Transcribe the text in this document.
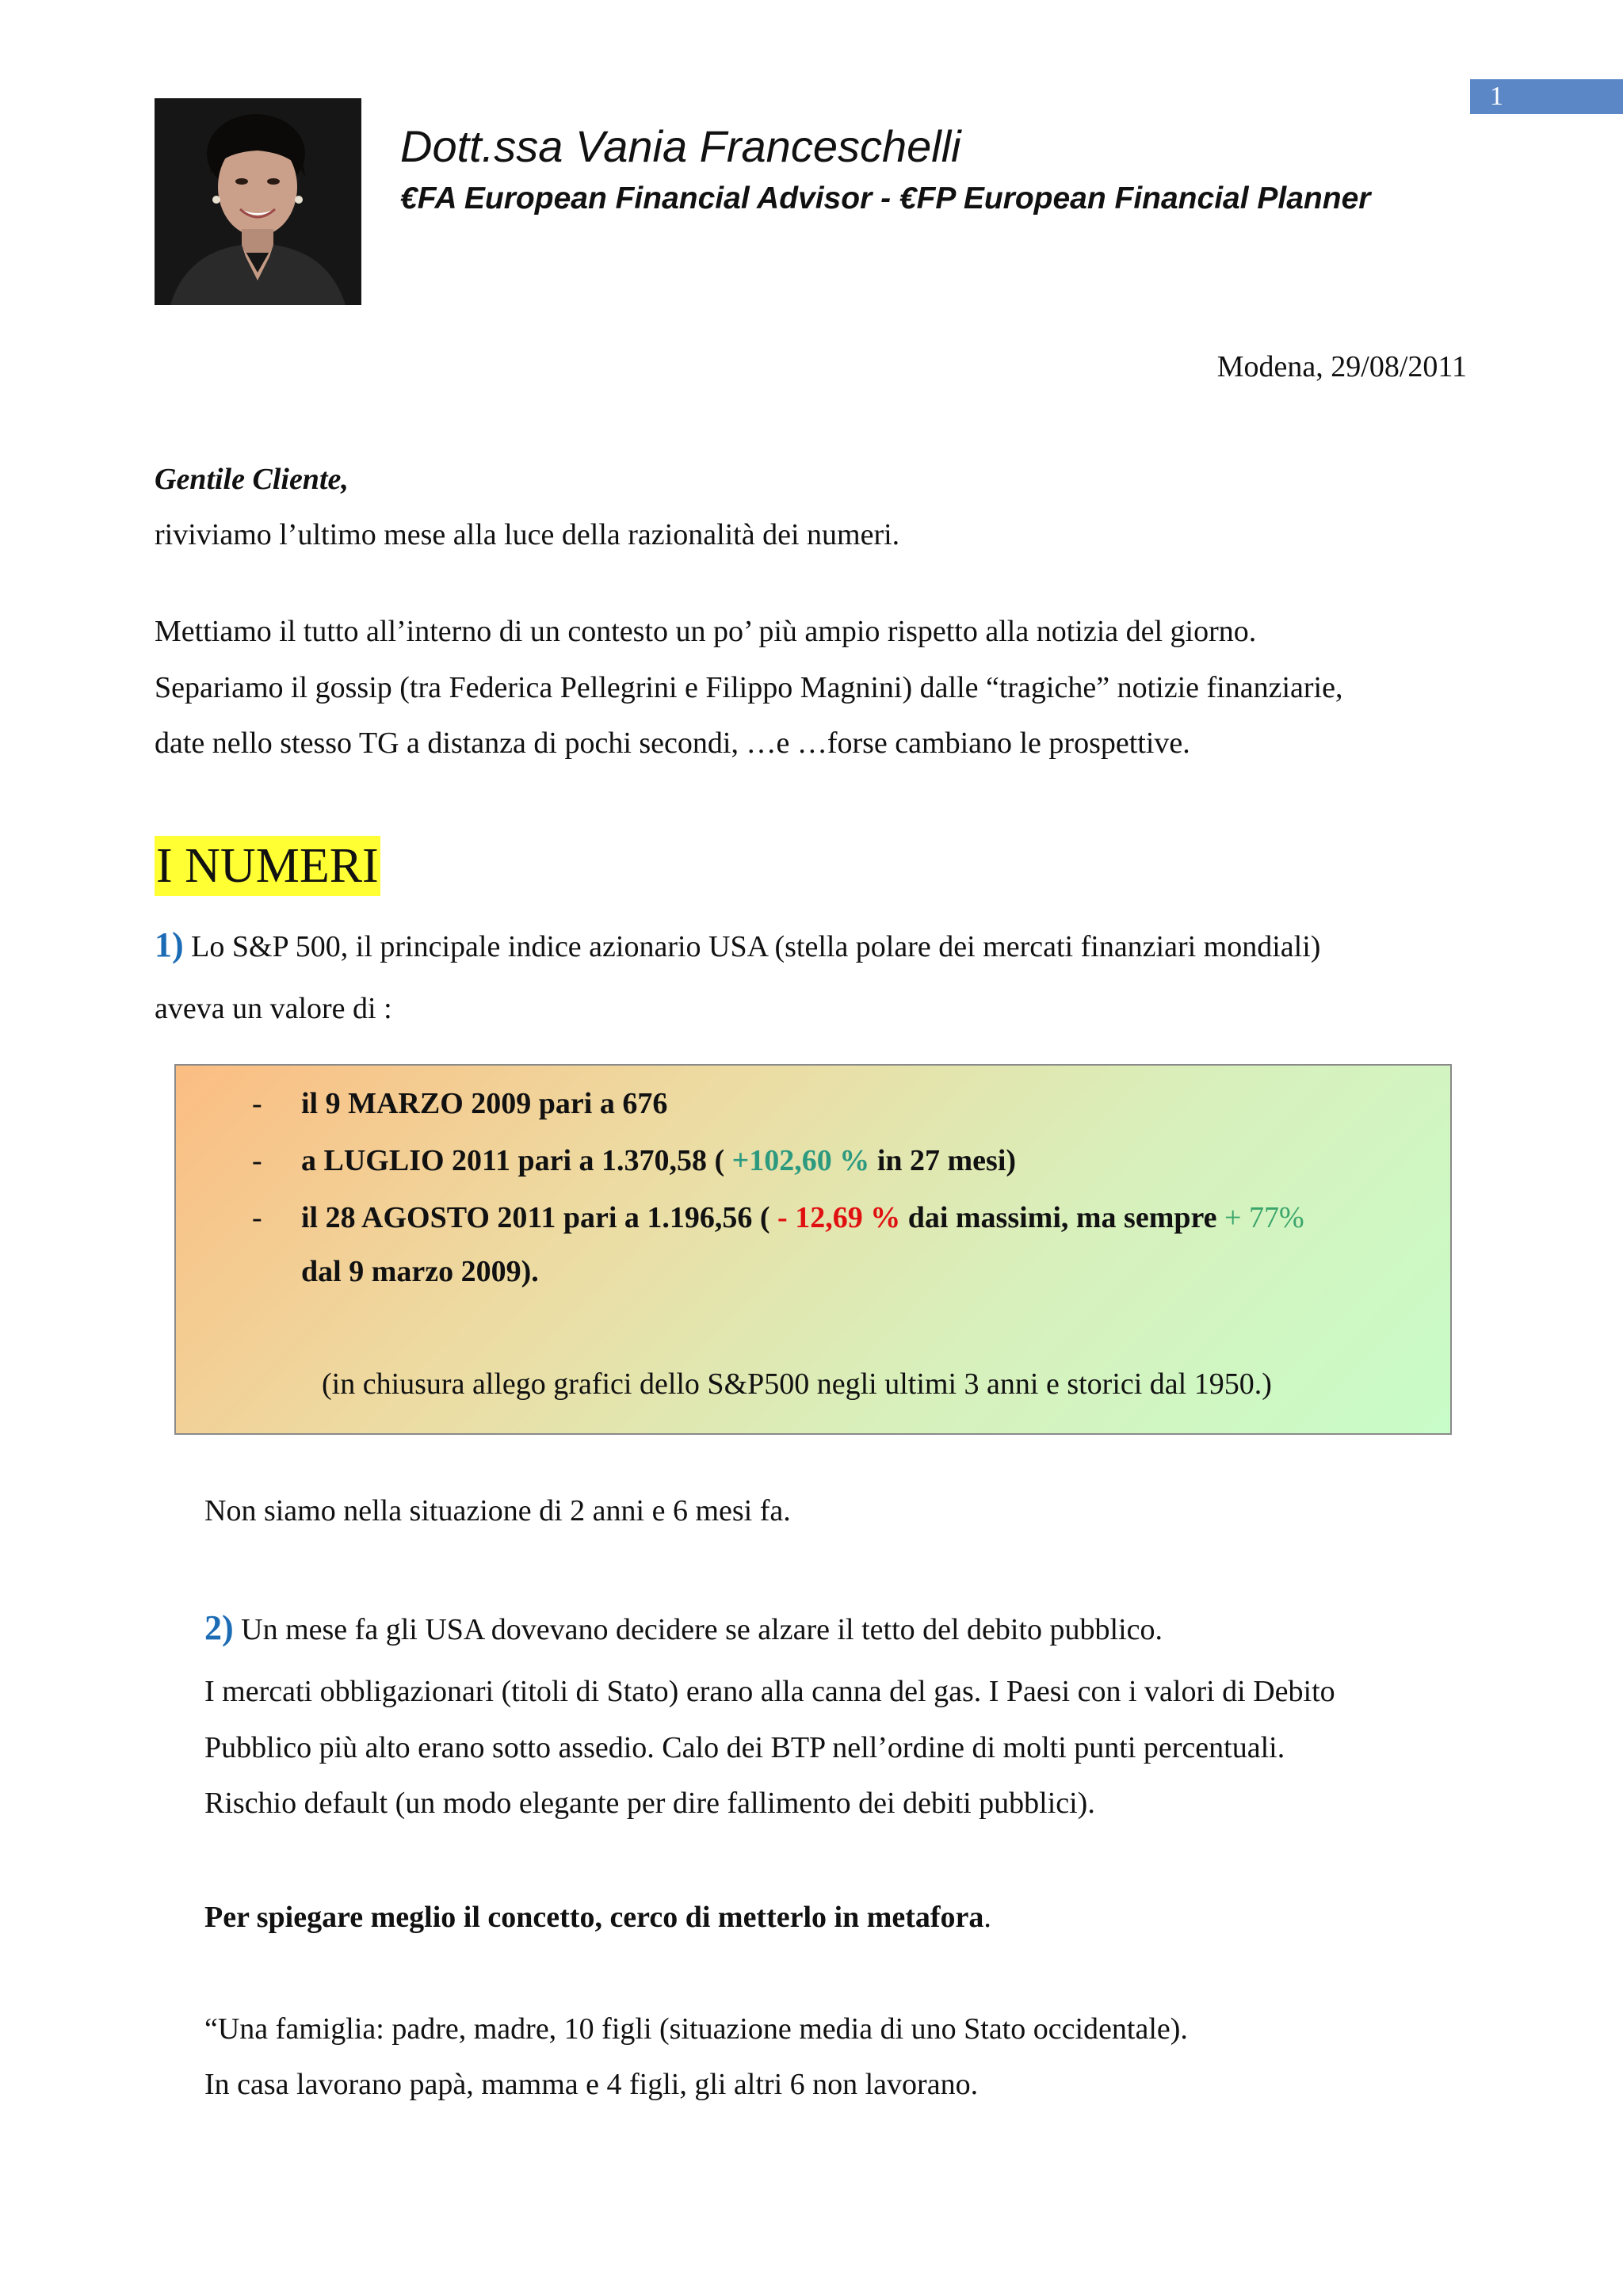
1
Dott.ssa Vania Franceschelli
€FA European Financial Advisor - €FP European Financial Planner
Modena, 29/08/2011
Gentile Cliente,
riviviamo l’ultimo mese alla luce della razionalità dei numeri.
Mettiamo il tutto all’interno di un contesto un po’ più ampio rispetto alla notizia del giorno.
Separiamo il gossip (tra Federica Pellegrini e Filippo Magnini) dalle “tragiche” notizie finanziarie,
date nello stesso TG a distanza di pochi secondi, …e …forse cambiano le prospettive.
I NUMERI
1) Lo S&P 500, il principale indice azionario USA (stella polare dei mercati finanziari mondiali)
aveva un valore di :
- il 9 MARZO 2009 pari a 676
- a LUGLIO 2011 pari a 1.370,58 ( +102,60 % in 27 mesi)
- il 28 AGOSTO 2011 pari a 1.196,56 ( - 12,69 % dai massimi, ma sempre + 77%
dal 9 marzo 2009).
(in chiusura allego grafici dello S&P500 negli ultimi 3 anni e storici dal 1950.)
Non siamo nella situazione di 2 anni e 6 mesi fa.
2) Un mese fa gli USA dovevano decidere se alzare il tetto del debito pubblico.
I mercati obbligazionari (titoli di Stato) erano alla canna del gas. I Paesi con i valori di Debito
Pubblico più alto erano sotto assedio. Calo dei BTP nell’ordine di molti punti percentuali.
Rischio default (un modo elegante per dire fallimento dei debiti pubblici).
Per spiegare meglio il concetto, cerco di metterlo in metafora.
“Una famiglia: padre, madre, 10 figli (situazione media di uno Stato occidentale).
In casa lavorano papà, mamma e 4 figli, gli altri 6 non lavorano.
